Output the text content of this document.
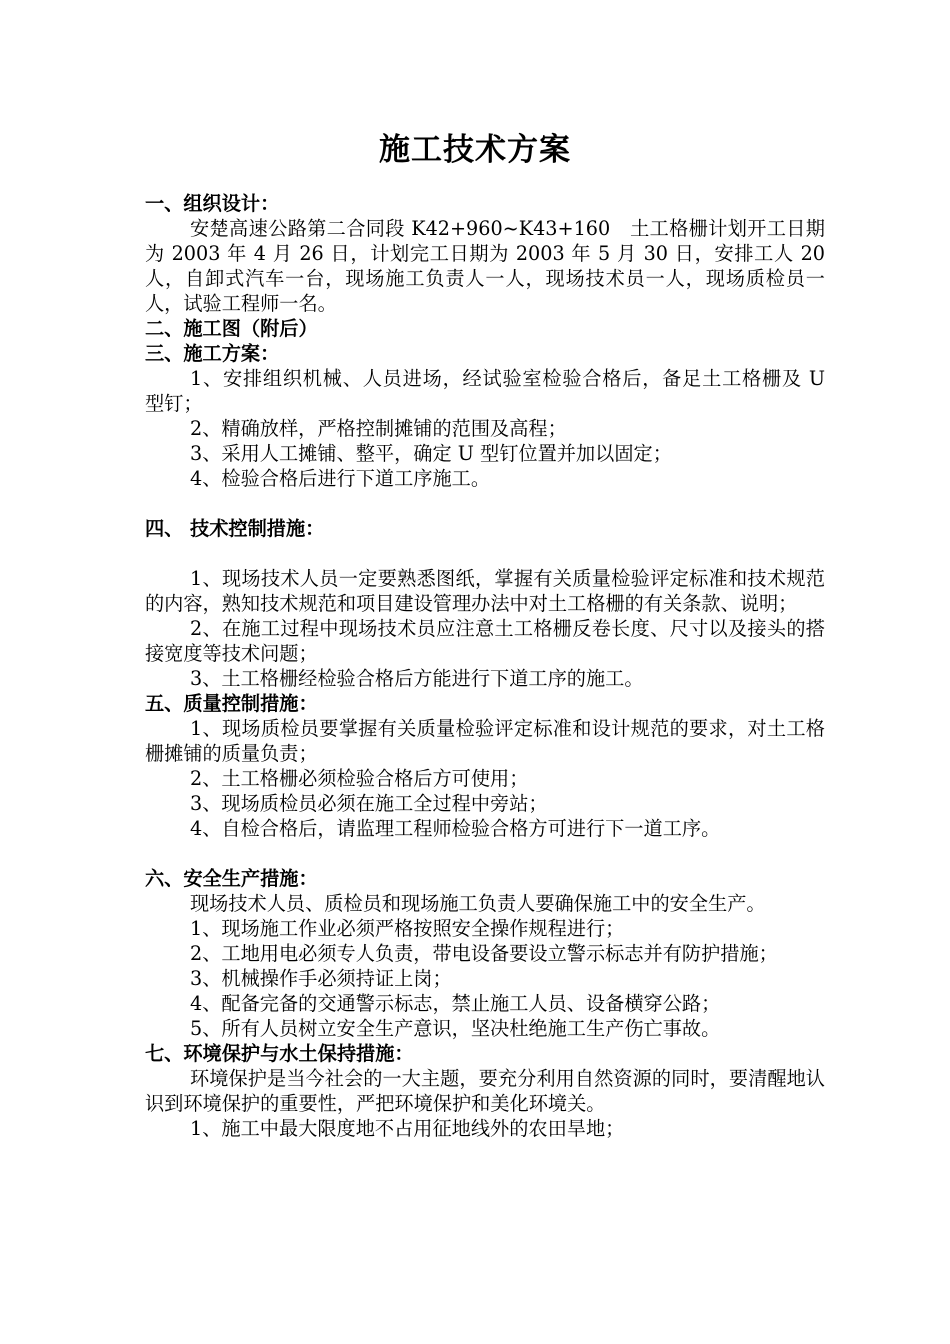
施工技术方案

一、组织设计：

安楚高速公路第二合同段 K42+960~K43+160　土工格栅计划开工日期为 2003 年 4 月 26 日，计划完工日期为 2003 年 5 月 30 日，安排工人 20 人，自卸式汽车一台，现场施工负责人一人，现场技术员一人，现场质检员一人，试验工程师一名。

二、施工图（附后）

三、施工方案：

1、安排组织机械、人员进场，经试验室检验合格后，备足土工格栅及 U 型钉；

2、精确放样，严格控制摊铺的范围及高程；

3、采用人工摊铺、整平，确定 U 型钉位置并加以固定；

4、检验合格后进行下道工序施工。

四、 技术控制措施：

1、现场技术人员一定要熟悉图纸，掌握有关质量检验评定标准和技术规范的内容，熟知技术规范和项目建设管理办法中对土工格栅的有关条款、说明；

2、在施工过程中现场技术员应注意土工格栅反卷长度、尺寸以及接头的搭接宽度等技术问题；

3、土工格栅经检验合格后方能进行下道工序的施工。

五、质量控制措施：

1、现场质检员要掌握有关质量检验评定标准和设计规范的要求，对土工格栅摊铺的质量负责；

2、土工格栅必须检验合格后方可使用；

3、现场质检员必须在施工全过程中旁站；

4、自检合格后，请监理工程师检验合格方可进行下一道工序。

六、安全生产措施：

现场技术人员、质检员和现场施工负责人要确保施工中的安全生产。

1、现场施工作业必须严格按照安全操作规程进行；

2、工地用电必须专人负责，带电设备要设立警示标志并有防护措施；

3、机械操作手必须持证上岗；

4、配备完备的交通警示标志，禁止施工人员、设备横穿公路；

5、所有人员树立安全生产意识，坚决杜绝施工生产伤亡事故。

七、环境保护与水土保持措施：

环境保护是当今社会的一大主题，要充分利用自然资源的同时，要清醒地认识到环境保护的重要性，严把环境保护和美化环境关。

1、施工中最大限度地不占用征地线外的农田旱地；
